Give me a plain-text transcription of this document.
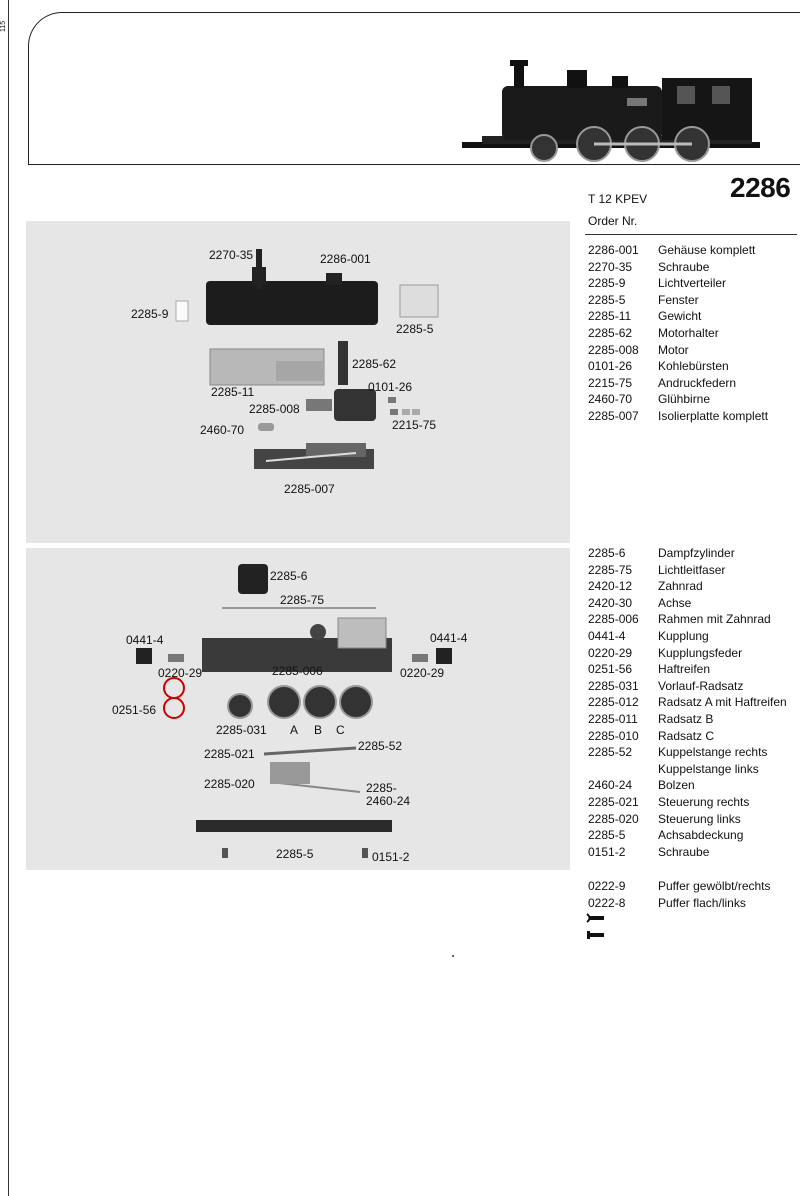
115
T 12 KPEV	2286
Order Nr.
2286-001	Gehäuse komplett
2270-35	Schraube
2285-9	Lichtverteiler
2285-5	Fenster
2285-11	Gewicht
2285-62	Motorhalter
2285-008	Motor
0101-26	Kohlebürsten
2215-75	Andruckfedern
2460-70	Glühbirne
2285-007	Isolierplatte komplett
2285-6	Dampfzylinder
2285-75	Lichtleitfaser
2420-12	Zahnrad
2420-30	Achse
2285-006	Rahmen mit Zahnrad
0441-4	Kupplung
0220-29	Kupplungsfeder
0251-56	Haftreifen
2285-031	Vorlauf-Radsatz
2285-012	Radsatz A mit Haftreifen
2285-011	Radsatz B
2285-010	Radsatz C
2285-52	Kuppelstange rechts
Kuppelstange links
2460-24	Bolzen
2285-021	Steuerung rechts
2285-020	Steuerung links
2285-5	Achsabdeckung
0151-2	Schraube
0222-9	Puffer gewölbt/rechts
0222-8	Puffer flach/links
2270-35	2286-001
2285-9
2285-5
2285-62
2285-11	0101-26
2285-008
2215-75
2460-70
2285-007
2285-6
2285-75
0441-4	0441-4
0220-29	2285-006	0220-29
0251-56
2285-031 A B C
2285-021
2285-52
2285-020	2285-
2460-24
2285-5	0151-2
